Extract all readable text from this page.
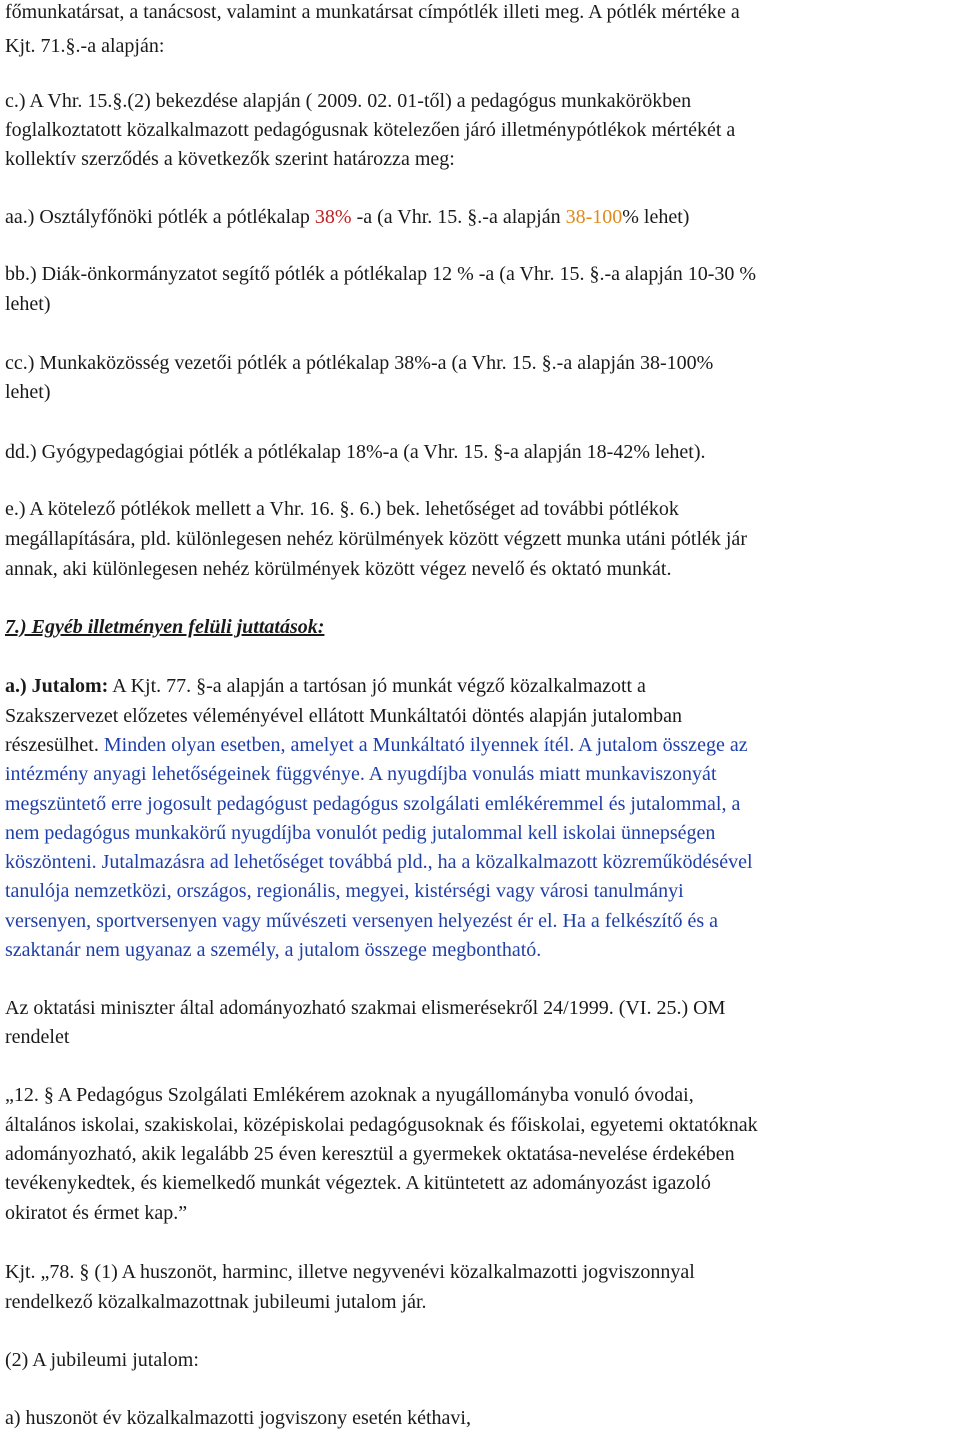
főmunkatársat, a tanácsost, valamint a munkatársat címpótlék illeti meg. A pótlék mértéke a
Kjt. 71.§.-a alapján:
c.) A Vhr. 15.§.(2) bekezdése alapján ( 2009. 02. 01-től) a pedagógus munkakörökben
foglalkoztatott közalkalmazott pedagógusnak kötelezően járó illetménypótlékok mértékét a
kollektív szerződés a következők szerint határozza meg:
aa.) Osztályfőnöki pótlék a pótlékalap 38% -a (a Vhr. 15. §.-a alapján 38-100% lehet)
bb.) Diák-önkormányzatot segítő pótlék a pótlékalap 12 % -a (a Vhr. 15. §.-a alapján 10-30 %
lehet)
cc.) Munkaközösség vezetői pótlék a pótlékalap 38%-a (a Vhr. 15. §.-a alapján 38-100%
lehet)
dd.) Gyógypedagógiai pótlék a pótlékalap 18%-a (a Vhr. 15. §-a alapján 18-42% lehet).
e.) A kötelező pótlékok mellett a Vhr. 16. §. 6.) bek. lehetőséget ad további pótlékok
megállapítására, pld. különlegesen nehéz körülmények között végzett munka utáni pótlék jár
annak, aki különlegesen nehéz körülmények között végez nevelő és oktató munkát.
7.) Egyéb illetményen felüli juttatások:
a.) Jutalom: A Kjt. 77. §-a alapján a tartósan jó munkát végző közalkalmazott a
Szakszervezet előzetes véleményével ellátott Munkáltatói döntés alapján jutalomban
részesülhet. Minden olyan esetben, amelyet a Munkáltató ilyennek ítél. A jutalom összege az
intézmény anyagi lehetőségeinek függvénye. A nyugdíjba vonulás miatt munkaviszonyát
megszüntető erre jogosult pedagógust pedagógus szolgálati emlékéremmel és jutalommal, a
nem pedagógus munkakörű nyugdíjba vonulót pedig jutalommal kell iskolai ünnepségen
köszönteni. Jutalmazásra ad lehetőséget továbbá pld., ha a közalkalmazott közreműködésével
tanulója nemzetközi, országos, regionális, megyei, kistérségi vagy városi tanulmányi
versenyen, sportversenyen vagy művészeti versenyen helyezést ér el. Ha a felkészítő és a
szaktanár nem ugyanaz a személy, a jutalom összege megbontható.
Az oktatási miniszter által adományozható szakmai elismerésekről 24/1999. (VI. 25.) OM
rendelet
„12. § A Pedagógus Szolgálati Emlékérem azoknak a nyugállományba vonuló óvodai,
általános iskolai, szakiskolai, középiskolai pedagógusoknak és főiskolai, egyetemi oktatóknak
adományozható, akik legalább 25 éven keresztül a gyermekek oktatása-nevelése érdekében
tevékenykedtek, és kiemelkedő munkát végeztek. A kitüntetett az adományozást igazoló
okiratot és érmet kap.”
Kjt. „78. § (1) A huszonöt, harminc, illetve negyvenévi közalkalmazotti jogviszonnyal
rendelkező közalkalmazottnak jubileumi jutalom jár.
(2) A jubileumi jutalom:
a) huszonöt év közalkalmazotti jogviszony esetén kéthavi,
